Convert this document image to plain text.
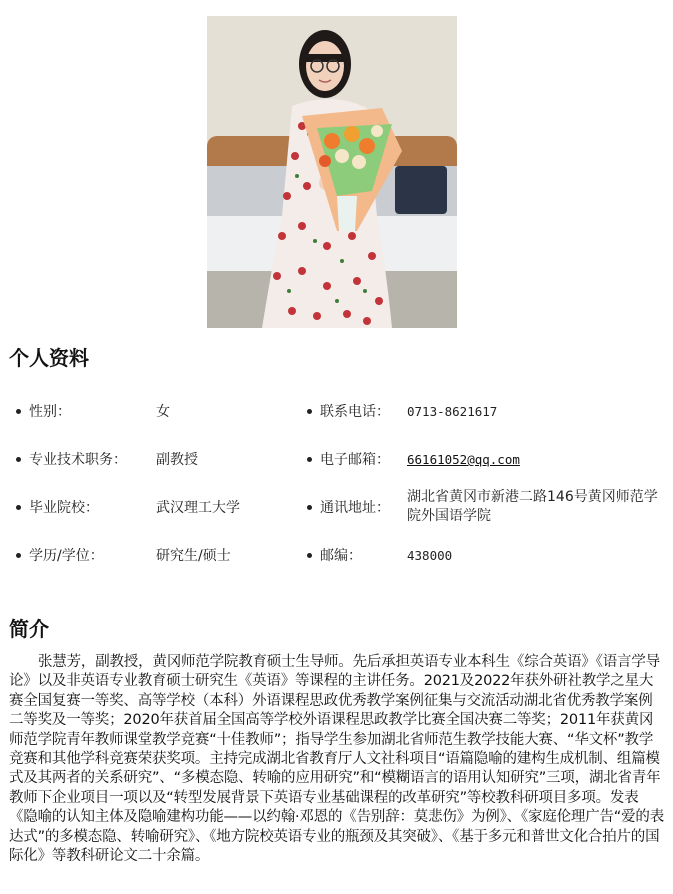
个人资料
性别：	女	联系电话： 0713-8621617
专业技术职务： 副教授	电子邮箱： 66161052@qq.com
毕业院校：	武汉理工大学	通讯地址：
湖北省黄冈市新港二路146号黄冈师范学院外国语学院
学历/学位：	研究生/硕士	邮编：	438000
简介

张慧芳，副教授，黄冈师范学院教育硕士生导师。先后承担英语专业本科生《综合英语》《语言学导论》以及非英语专业教育硕士研究生《英语》等课程的主讲任务。2021及2022年获外研社教学之星大赛全国复赛一等奖、高等学校（本科）外语课程思政优秀教学案例征集与交流活动湖北省优秀教学案例二等奖及一等奖；2020年获首届全国高等学校外语课程思政教学比赛全国决赛二等奖；2011年获黄冈师范学院青年教师课堂教学竞赛“十佳教师”；指导学生参加湖北省师范生教学技能大赛、“华文杯”教学竞赛和其他学科竞赛荣获奖项。主持完成湖北省教育厅人文社科项目“语篇隐喻的建构生成机制、组篇模式及其两者的关系研究”、“多模态隐、转喻的应用研究”和“模糊语言的语用认知研究”三项，湖北省青年教师下企业项目一项以及“转型发展背景下英语专业基础课程的改革研究”等校教科研项目多项。发表《隐喻的认知主体及隐喻建构功能——以约翰·邓恩的《告别辞：莫悲伤》为例》、《家庭伦理广告“爱的表达式”的多模态隐、转喻研究》、《地方院校英语专业的瓶颈及其突破》、《基于多元和普世文化合拍片的国际化》等教科研论文二十余篇。
